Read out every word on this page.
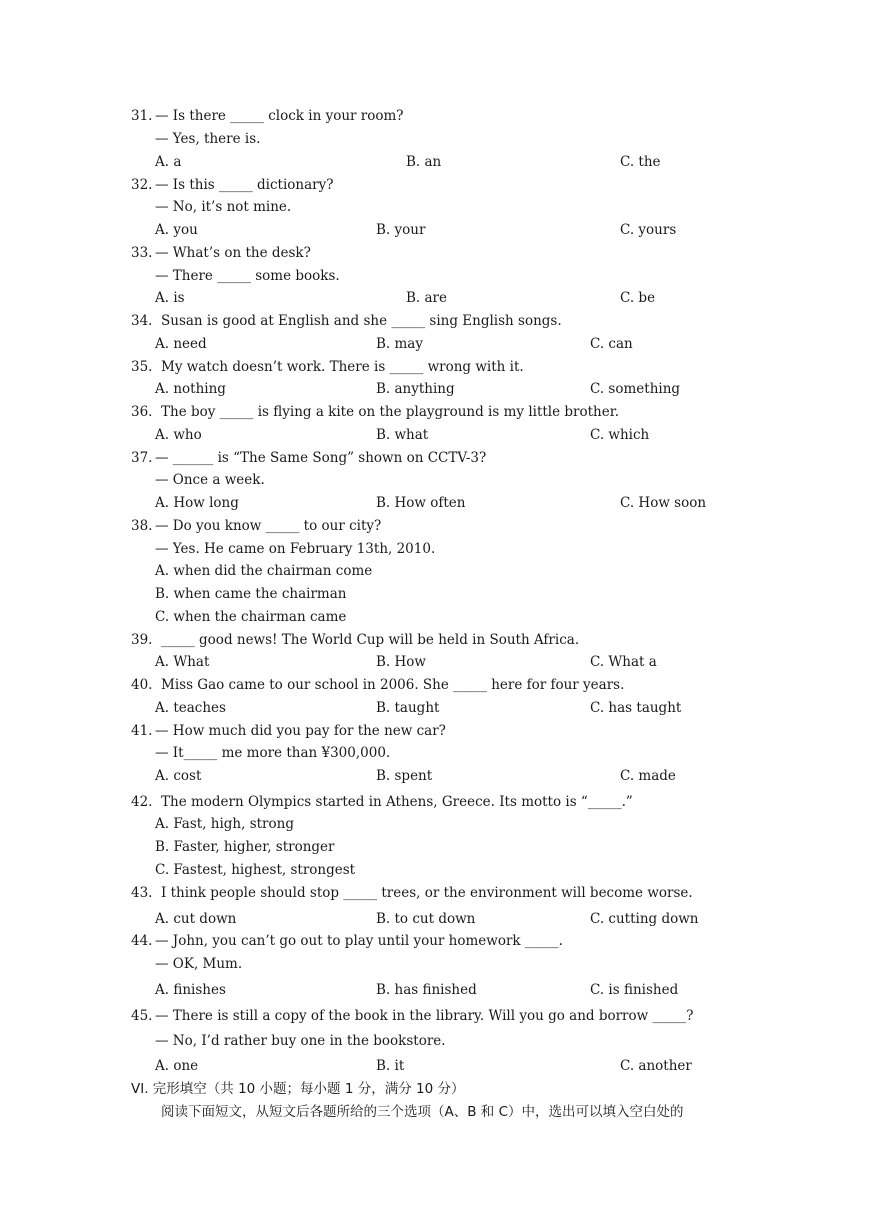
31. — Is there _____ clock in your room?
— Yes, there is.
A. a	B. an	C. the
32. — Is this _____ dictionary?
— No, it’s not mine.
A. you	B. your	C. yours
33. — What’s on the desk?
— There _____ some books.
A. is	B. are	C. be
34. Susan is good at English and she _____ sing English songs.
A. need	B. may	C. can
35. My watch doesn’t work. There is _____ wrong with it.
A. nothing	B. anything	C. something
36. The boy _____ is flying a kite on the playground is my little brother.
A. who	B. what	C. which
37. — ______ is “The Same Song” shown on CCTV-3?
— Once a week.
A. How long	B. How often	C. How soon
38. — Do you know _____ to our city?
— Yes. He came on February 13th, 2010.
A. when did the chairman come
B. when came the chairman
C. when the chairman came
39. _____ good news! The World Cup will be held in South Africa.
A. What	B. How	C. What a
40. Miss Gao came to our school in 2006. She _____ here for four years.
A. teaches	B. taught	C. has taught
41. — How much did you pay for the new car?
— It_____ me more than ¥300,000.
A. cost	B. spent	C. made
42. The modern Olympics started in Athens, Greece. Its motto is “_____.”
A. Fast, high, strong
B. Faster, higher, stronger
C. Fastest, highest, strongest
43. I think people should stop _____ trees, or the environment will become worse.
A. cut down	B. to cut down	C. cutting down
44. — John, you can’t go out to play until your homework _____.
— OK, Mum.
A. finishes	B. has finished	C. is finished
45. — There is still a copy of the book in the library. Will you go and borrow _____?
— No, I’d rather buy one in the bookstore.
A. one	B. it	C. another
VI. 完形填空（共 10 小题；每小题 1 分，满分 10 分）
阅读下面短文，从短文后各题所给的三个选项（A、B 和 C）中，选出可以填入空白处的
